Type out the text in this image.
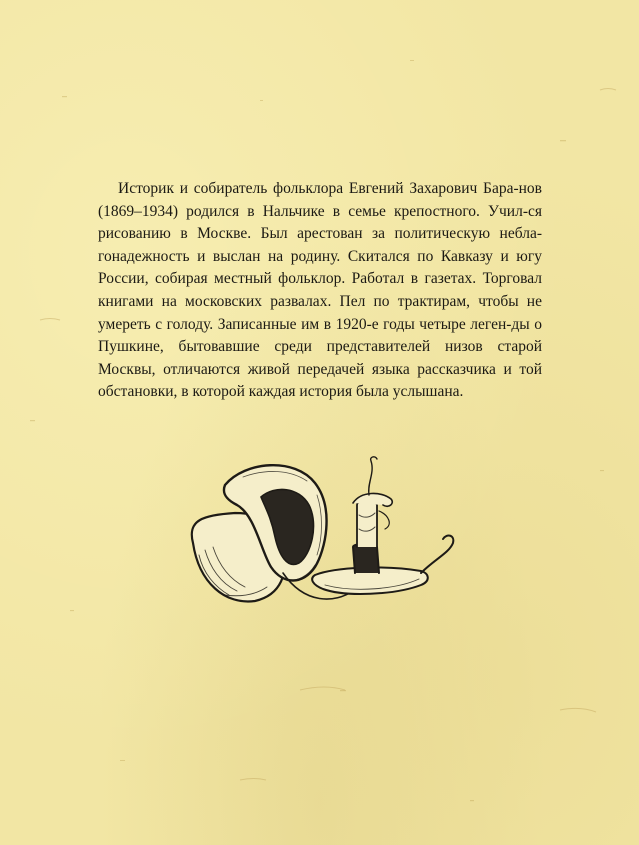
Историк и собиратель фольклора Евгений Захарович Бара-нов (1869–1934) родился в Нальчике в семье крепостного. Учил-ся рисованию в Москве. Был арестован за политическую небла-гонадежность и выслан на родину. Скитался по Кавказу и югу России, собирая местный фольклор. Работал в газетах. Торговал книгами на московских развалах. Пел по трактирам, чтобы не умереть с голоду. Записанные им в 1920-е годы четыре леген-ды о Пушкине, бытовавшие среди представителей низов старой Москвы, отличаются живой передачей языка рассказчика и той обстановки, в которой каждая история была услышана.
